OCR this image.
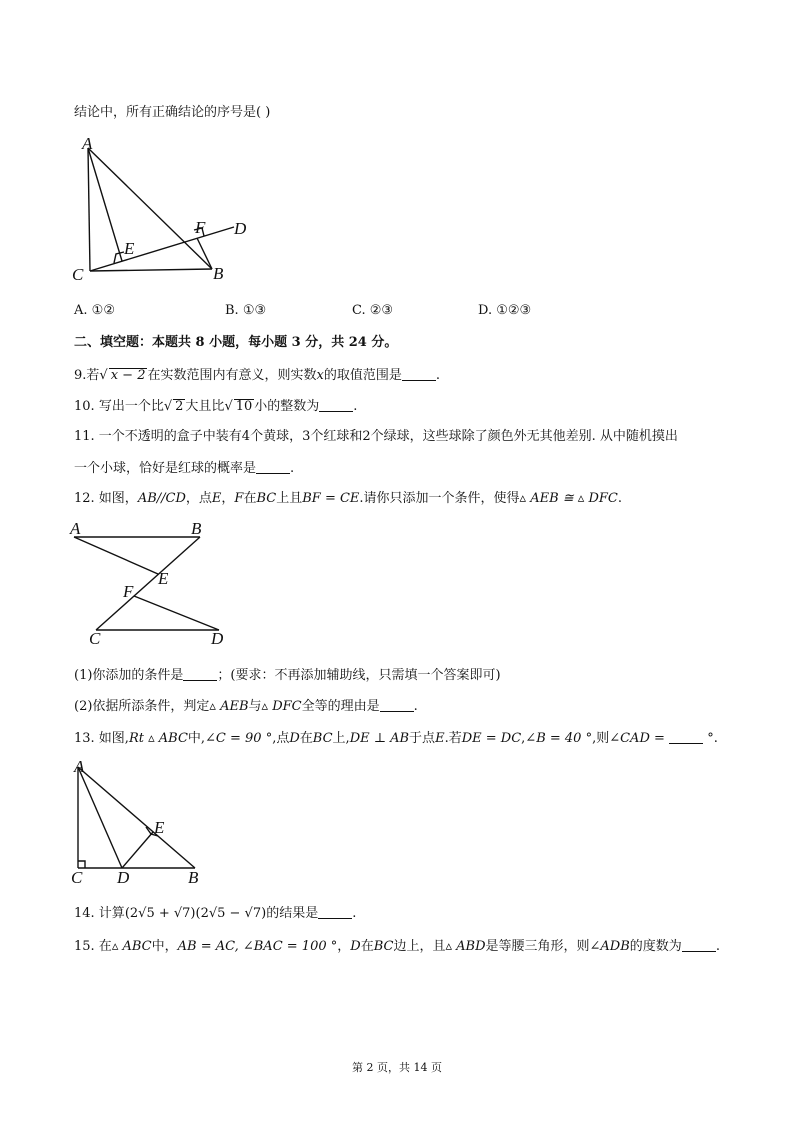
结论中，所有正确结论的序号是( )
A
C	B
E
F D
A. ①②	B. ①③	C. ②③	D. ①②③
二、填空题：本题共 8 小题，每小题 3 分，共 24 分。
9.若√ x − 2 在实数范围内有意义，则实数x的取值范围是	.
10. 写出一个比√ 2 大且比√ 10 小的整数为	.
11. 一个不透明的盒子中装有4个黄球，3个红球和2个绿球，这些球除了颜色外无其他差别. 从中随机摸出
一个小球，恰好是红球的概率是	.
12. 如图，AB//CD，点E，F在BC上且BF = CE.请你只添加一个条件，使得▵ AEB ≅ ▵ DFC.
A	B
E
F
C	D
(1)你添加的条件是	；(要求：不再添加辅助线，只需填一个答案即可)
(2)依据所添条件，判定▵ AEB与▵ DFC全等的理由是	.
13. 如图,Rt ▵ ABC中,∠C = 90 °,点D在BC上,DE ⊥ AB于点E.若DE = DC,∠B = 40 °,则∠CAD =	°.
A
E
C D	B
14. 计算(2√5 + √7)(2√5 − √7)的结果是	.
15. 在▵ ABC中，AB = AC, ∠BAC = 100 °，D在BC边上，且▵ ABD是等腰三角形，则∠ADB的度数为	.
第 2 页，共 14 页
